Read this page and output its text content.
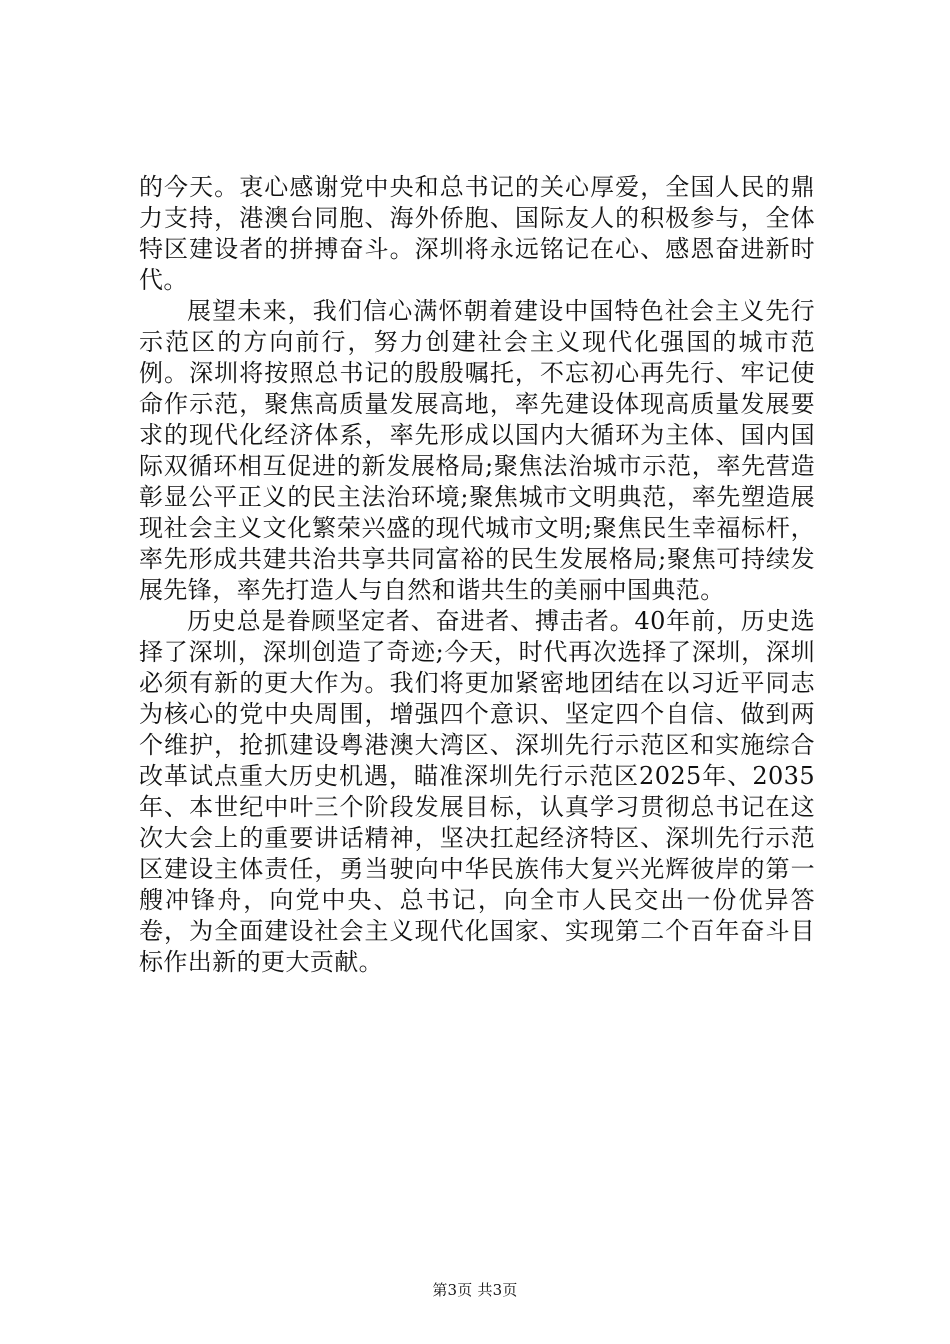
的今天。衷心感谢党中央和总书记的关心厚爱，全国人民的鼎力支持，港澳台同胞、海外侨胞、国际友人的积极参与，全体特区建设者的拼搏奋斗。深圳将永远铭记在心、感恩奋进新时代。

展望未来，我们信心满怀朝着建设中国特色社会主义先行示范区的方向前行，努力创建社会主义现代化强国的城市范例。深圳将按照总书记的殷殷嘱托，不忘初心再先行、牢记使命作示范，聚焦高质量发展高地，率先建设体现高质量发展要求的现代化经济体系，率先形成以国内大循环为主体、国内国际双循环相互促进的新发展格局;聚焦法治城市示范，率先营造彰显公平正义的民主法治环境;聚焦城市文明典范，率先塑造展现社会主义文化繁荣兴盛的现代城市文明;聚焦民生幸福标杆，率先形成共建共治共享共同富裕的民生发展格局;聚焦可持续发展先锋，率先打造人与自然和谐共生的美丽中国典范。

历史总是眷顾坚定者、奋进者、搏击者。40年前，历史选择了深圳，深圳创造了奇迹;今天，时代再次选择了深圳，深圳必须有新的更大作为。我们将更加紧密地团结在以习近平同志为核心的党中央周围，增强四个意识、坚定四个自信、做到两个维护，抢抓建设粤港澳大湾区、深圳先行示范区和实施综合改革试点重大历史机遇，瞄准深圳先行示范区2025年、2035年、本世纪中叶三个阶段发展目标，认真学习贯彻总书记在这次大会上的重要讲话精神，坚决扛起经济特区、深圳先行示范区建设主体责任，勇当驶向中华民族伟大复兴光辉彼岸的第一艘冲锋舟，向党中央、总书记，向全市人民交出一份优异答卷，为全面建设社会主义现代化国家、实现第二个百年奋斗目标作出新的更大贡献。

第3页 共3页
